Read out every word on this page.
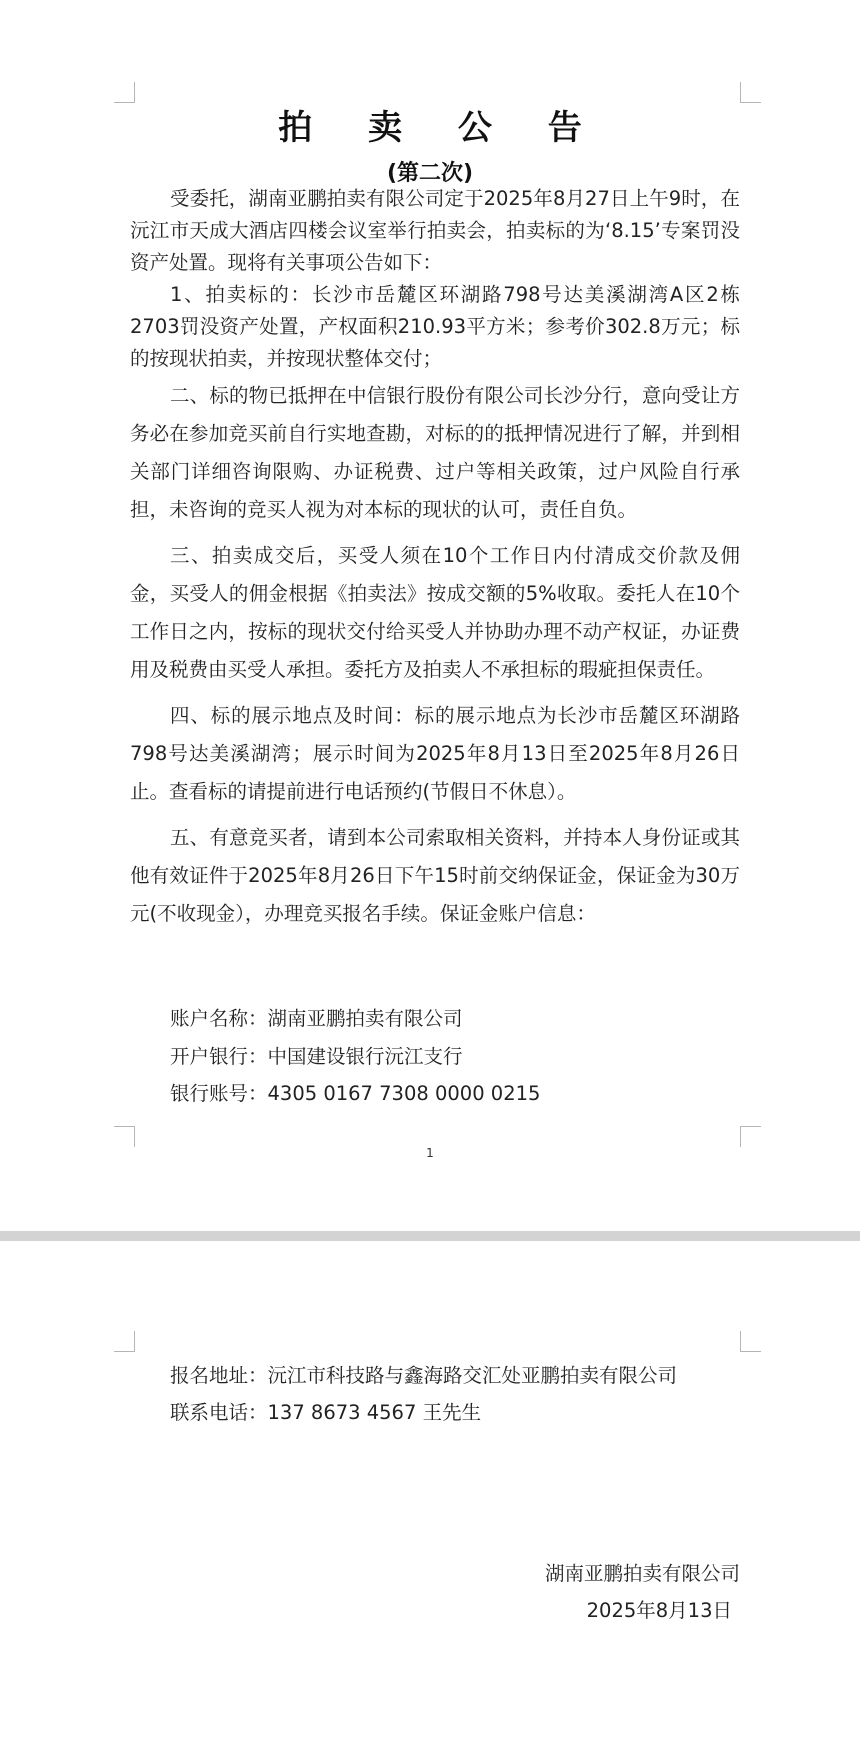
拍 卖 公 告
(第二次)

受委托，湖南亚鹏拍卖有限公司定于2025年8月27日上午9时，在沅江市天成大酒店四楼会议室举行拍卖会，拍卖标的为‘8.15’专案罚没资产处置。现将有关事项公告如下：

1、拍卖标的：长沙市岳麓区环湖路798号达美溪湖湾A区2栋2703罚没资产处置，产权面积210.93平方米；参考价302.8万元；标的按现状拍卖，并按现状整体交付；

二、标的物已抵押在中信银行股份有限公司长沙分行，意向受让方务必在参加竞买前自行实地查勘，对标的的抵押情况进行了解，并到相关部门详细咨询限购、办证税费、过户等相关政策，过户风险自行承担，未咨询的竞买人视为对本标的现状的认可，责任自负。

三、拍卖成交后，买受人须在10个工作日内付清成交价款及佣金，买受人的佣金根据《拍卖法》按成交额的5%收取。委托人在10个工作日之内，按标的现状交付给买受人并协助办理不动产权证，办证费用及税费由买受人承担。委托方及拍卖人不承担标的瑕疵担保责任。

四、标的展示地点及时间：标的展示地点为长沙市岳麓区环湖路798号达美溪湖湾；展示时间为2025年8月13日至2025年8月26日止。查看标的请提前进行电话预约(节假日不休息）。

五、有意竞买者，请到本公司索取相关资料，并持本人身份证或其他有效证件于2025年8月26日下午15时前交纳保证金，保证金为30万元(不收现金），办理竞买报名手续。保证金账户信息：

账户名称：湖南亚鹏拍卖有限公司
开户银行：中国建设银行沅江支行
银行账号：4305 0167 7308 0000 0215
1
报名地址：沅江市科技路与鑫海路交汇处亚鹏拍卖有限公司
联系电话：137 8673 4567 王先生
湖南亚鹏拍卖有限公司
2025年8月13日
